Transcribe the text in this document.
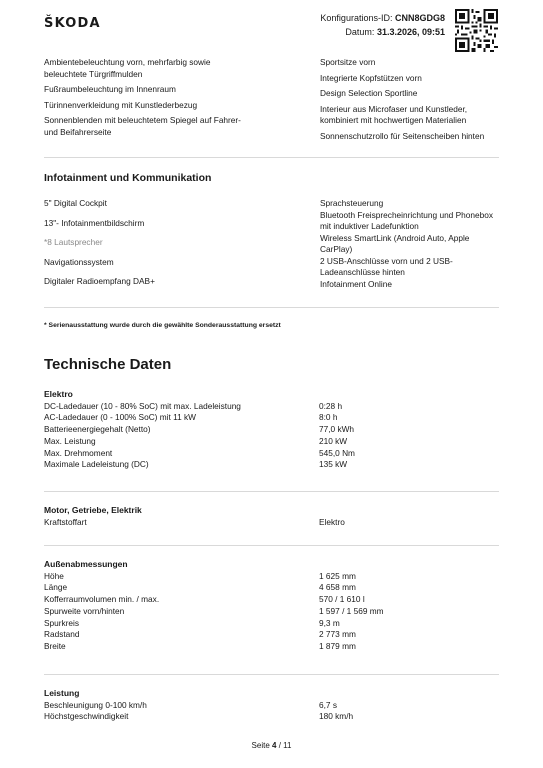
ŠKODA	Konfigurations-ID: CNN8GDG8
Datum: 31.3.2026, 09:51
Ambientebeleuchtung vorn, mehrfarbig sowie
beleuchtete Türgriffmulden
Fußraumbeleuchtung im Innenraum
Türinnenverkleidung mit Kunstlederbezug
Sonnenblenden mit beleuchtetem Spiegel auf Fahrer-
und Beifahrerseite
Sportsitze vorn
Integrierte Kopfstützen vorn
Design Selection Sportline
Interieur aus Microfaser und Kunstleder,
kombiniert mit hochwertigen Materialien
Sonnenschutzrollo für Seitenscheiben hinten
Infotainment und Kommunikation
5" Digital Cockpit
13"- Infotainmentbildschirm
*8 Lautsprecher
Navigationssystem
Digitaler Radioempfang DAB+
Sprachsteuerung
Bluetooth Freisprecheinrichtung und Phonebox
mit induktiver Ladefunktion
Wireless SmartLink (Android Auto, Apple
CarPlay)
2 USB-Anschlüsse vorn und 2 USB-
Ladeanschlüsse hinten
Infotainment Online
* Serienausstattung wurde durch die gewählte Sonderausstattung ersetzt
Technische Daten
Elektro
DC-Ladedauer (10 - 80% SoC) mit max. Ladeleistung	0:28 h
AC-Ladedauer (0 - 100% SoC) mit 11 kW	8:0 h
Batterieenergiegehalt (Netto)	77,0 kWh
Max. Leistung	210 kW
Max. Drehmoment	545,0 Nm
Maximale Ladeleistung (DC)	135 kW
Motor, Getriebe, Elektrik
Kraftstoffart	Elektro
Außenabmessungen
Höhe	1 625 mm
Länge	4 658 mm
Kofferraumvolumen min. / max.	570 / 1 610 l
Spurweite vorn/hinten	1 597 / 1 569 mm
Spurkreis	9,3 m
Radstand	2 773 mm
Breite	1 879 mm
Leistung
Beschleunigung 0-100 km/h	6,7 s
Höchstgeschwindigkeit	180 km/h
Seite 4 / 11
